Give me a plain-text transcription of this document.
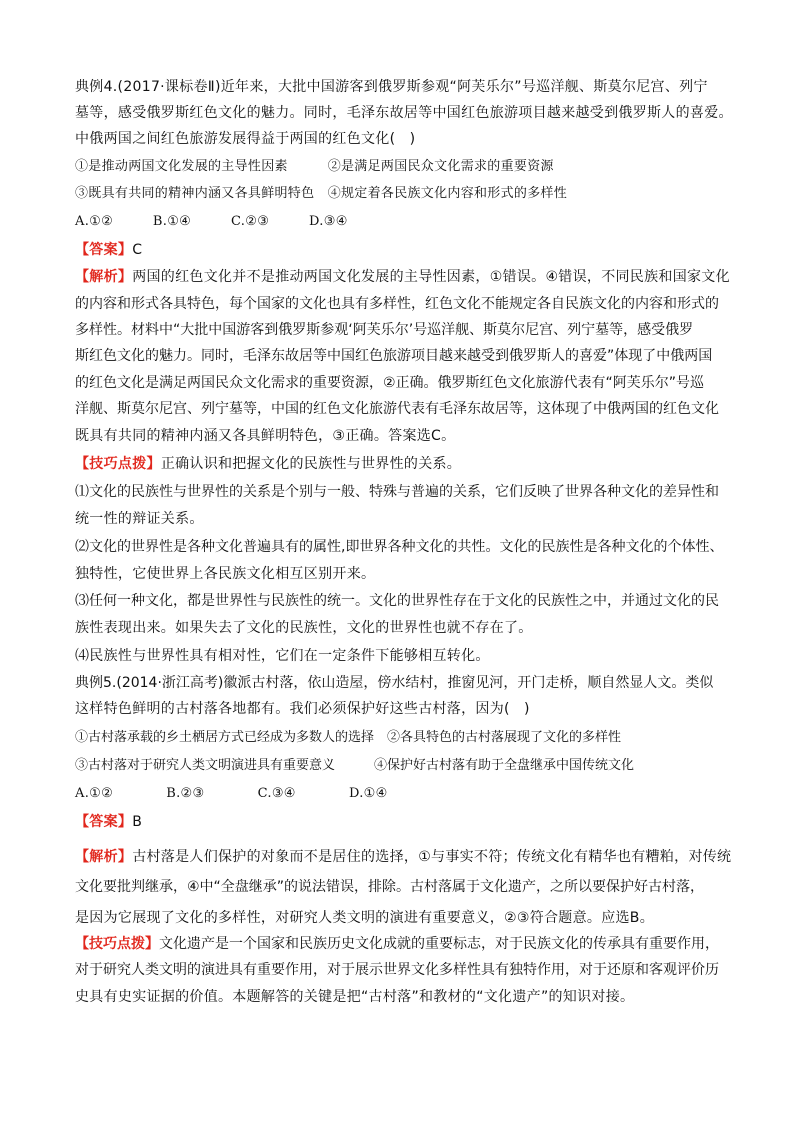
典例4.(2017·课标卷Ⅱ)近年来，大批中国游客到俄罗斯参观“阿芙乐尔”号巡洋舰、斯莫尔尼宫、列宁
墓等，感受俄罗斯红色文化的魅力。同时，毛泽东故居等中国红色旅游项目越来越受到俄罗斯人的喜爱。
中俄两国之间红色旅游发展得益于两国的红色文化(　)
①是推动两国文化发展的主导性因素　　　②是满足两国民众文化需求的重要资源
③既具有共同的精神内涵又各具鲜明特色　④规定着各民族文化内容和形式的多样性
A.①②　　　B.①④　　　C.②③　　　D.③④
【答案】C
【解析】两国的红色文化并不是推动两国文化发展的主导性因素，①错误。④错误，不同民族和国家文化
的内容和形式各具特色，每个国家的文化也具有多样性，红色文化不能规定各自民族文化的内容和形式的
多样性。材料中“大批中国游客到俄罗斯参观‘阿芙乐尔’号巡洋舰、斯莫尔尼宫、列宁墓等，感受俄罗
斯红色文化的魅力。同时，毛泽东故居等中国红色旅游项目越来越受到俄罗斯人的喜爱”体现了中俄两国
的红色文化是满足两国民众文化需求的重要资源，②正确。俄罗斯红色文化旅游代表有“阿芙乐尔”号巡
洋舰、斯莫尔尼宫、列宁墓等，中国的红色文化旅游代表有毛泽东故居等，这体现了中俄两国的红色文化
既具有共同的精神内涵又各具鲜明特色，③正确。答案选C。
【技巧点拨】正确认识和把握文化的民族性与世界性的关系。
⑴文化的民族性与世界性的关系是个别与一般、特殊与普遍的关系，它们反映了世界各种文化的差异性和
统一性的辩证关系。
⑵文化的世界性是各种文化普遍具有的属性,即世界各种文化的共性。文化的民族性是各种文化的个体性、
独特性，它使世界上各民族文化相互区别开来。
⑶任何一种文化，都是世界性与民族性的统一。文化的世界性存在于文化的民族性之中，并通过文化的民
族性表现出来。如果失去了文化的民族性，文化的世界性也就不存在了。
⑷民族性与世界性具有相对性，它们在一定条件下能够相互转化。
典例5.(2014·浙江高考)徽派古村落，依山造屋，傍水结村，推窗见河，开门走桥，顺自然显人文。类似
这样特色鲜明的古村落各地都有。我们必须保护好这些古村落，因为(　)
①古村落承载的乡土栖居方式已经成为多数人的选择　②各具特色的古村落展现了文化的多样性
③古村落对于研究人类文明演进具有重要意义　　　④保护好古村落有助于全盘继承中国传统文化
A.①②　　　　B.②③　　　　C.③④　　　　D.①④
【答案】B
【解析】古村落是人们保护的对象而不是居住的选择，①与事实不符；传统文化有精华也有糟粕，对传统
文化要批判继承，④中“全盘继承”的说法错误，排除。古村落属于文化遗产，之所以要保护好古村落，
是因为它展现了文化的多样性，对研究人类文明的演进有重要意义，②③符合题意。应选B。
【技巧点拨】文化遗产是一个国家和民族历史文化成就的重要标志，对于民族文化的传承具有重要作用，
对于研究人类文明的演进具有重要作用，对于展示世界文化多样性具有独特作用，对于还原和客观评价历
史具有史实证据的价值。本题解答的关键是把“古村落”和教材的“文化遗产”的知识对接。
